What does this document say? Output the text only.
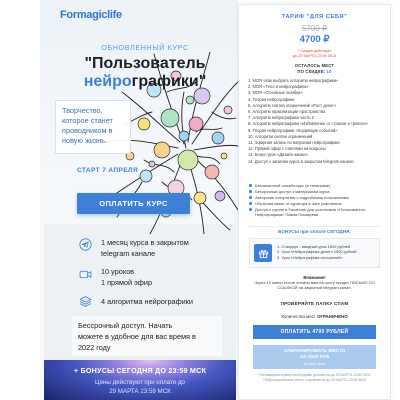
Formagiclife
ОБНОВЛЕННЫЙ КУРС
"Пользователь
нейрографики"
Творчество, которое станет проводником в новую жизнь.
СТАРТ 7 АПРЕЛЯ
ОПЛАТИТЬ КУРС
1 месяц курса в закрытом
telegram канале
10 уроков
1 прямой эфир
4 алгоритма нейрографики
Бессрочный доступ. Начать можете в удобное для вас время в 2022 году
+ БОНУСЫ СЕГОДНЯ ДО 23:59 МСК
Цены действуют при оплате до
29 МАРТА 23:59 МСК
ТАРИФ "ДЛЯ СЕБЯ"
5700 ₽
4700 ₽
* Скидка действует
до 29 МАРТА 23:59 МСК
ОСТАЛОСЬ МЕСТ
ПО СКИДКЕ: 10
1. МОЯ «Как выбрать алгоритм нейрографики»
2. МОЯ «Тело и нейрографика»
3. МОЯ «Основные ошибки»
4. Теория нейрографики
5. Алгоритм снятия ограничений «Рост денег»
6. Алгоритм гармонизации пространства
7. Алгоритм нейрографики часть 2
8. Алгоритм нейрографики «Избавление от страхов и тревоги»
9. Теория нейрографики «Коррекция событий»
10. Алгоритм снятие ограничений
11. Эфирная запись по вопросам нейрографики
12. Прямой эфир с ответами на вопросы
13. Бонус-урок «Дизайн жизни»
14. Доступ к записям курса в закрытом telegram канале
Безлимитный онлайн-курс (в телеграме)
Бессрочный доступ к материалам курса
Авторские алгоритмы с подробными пояснениями
Обратная связь от куратора в чате участников
Доступ к группе в Facebook для участников «Пользователи Нейрографики» Павла Пискарева
БОНУСЫ при оплате СЕГОДНЯ:
1. Стандарт - вводный урок 1500 рублей
2. Урок «Нейрографика денег» 1500 рублей
3. Урок «Нейрографика отношений»
Внимание!
Через 10 минут после оплаты вам на почту придет ПИСЬМО СО ССЫЛКОЙ на закрытый telegram канал.
ПРОВЕРЯЙТЕ ПАПКУ СПАМ
Количество мест ОГРАНИЧЕНО
ОПЛАТИТЬ 4700 РУБЛЕЙ
ЗАБРОНИРОВАТЬ МЕСТО
ЗА 1000 РУБ
по этой цене
*Оставшуюся сумму необходимо доплатить до 29 МАРТА 23:59 МСК
*Забронированное место сохраняется до 29 МАРТА 23:59 МСК
